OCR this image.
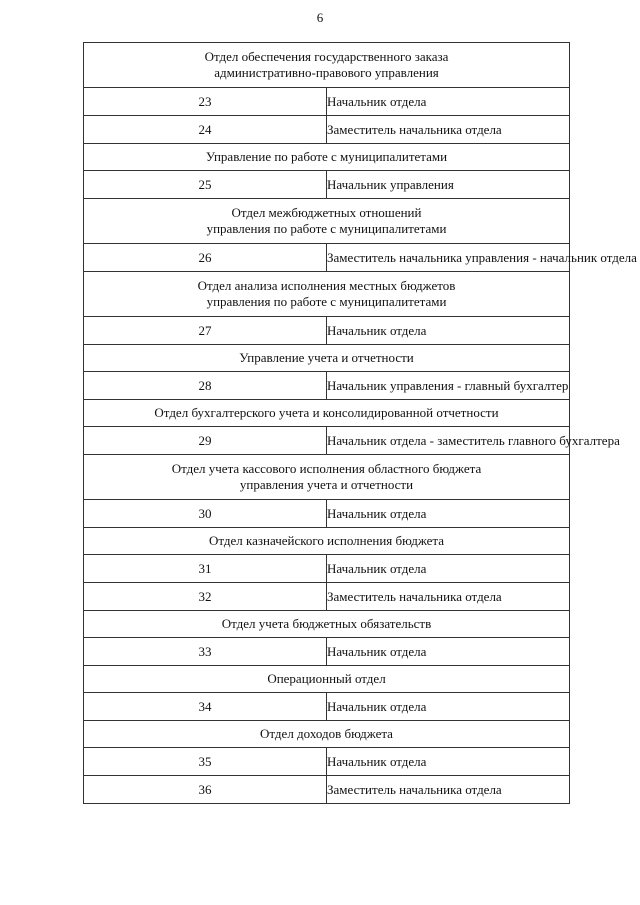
6
Отдел обеспечения государственного заказа
административно-правового управления	

23	Начальник отдела
24	Заместитель начальника отдела

Управление по работе с муниципалитетами	

25	Начальник управления

Отдел межбюджетных отношений
управления по работе с муниципалитетами	

26	Заместитель начальника управления - начальник отдела

Отдел анализа исполнения местных бюджетов
управления по работе с муниципалитетами	

27	Начальник отдела

Управление учета и отчетности	

28	Начальник управления - главный бухгалтер

Отдел бухгалтерского учета и консолидированной отчетности	

29	Начальник отдела - заместитель главного бухгалтера

Отдел учета кассового исполнения областного бюджета
управления учета и отчетности	

30	Начальник отдела

Отдел казначейского исполнения бюджета	

31	Начальник отдела
32	Заместитель начальника отдела

Отдел учета бюджетных обязательств	

33	Начальник отдела

Операционный отдел	

34	Начальник отдела

Отдел доходов бюджета	

35	Начальник отдела
36	Заместитель начальника отдела
